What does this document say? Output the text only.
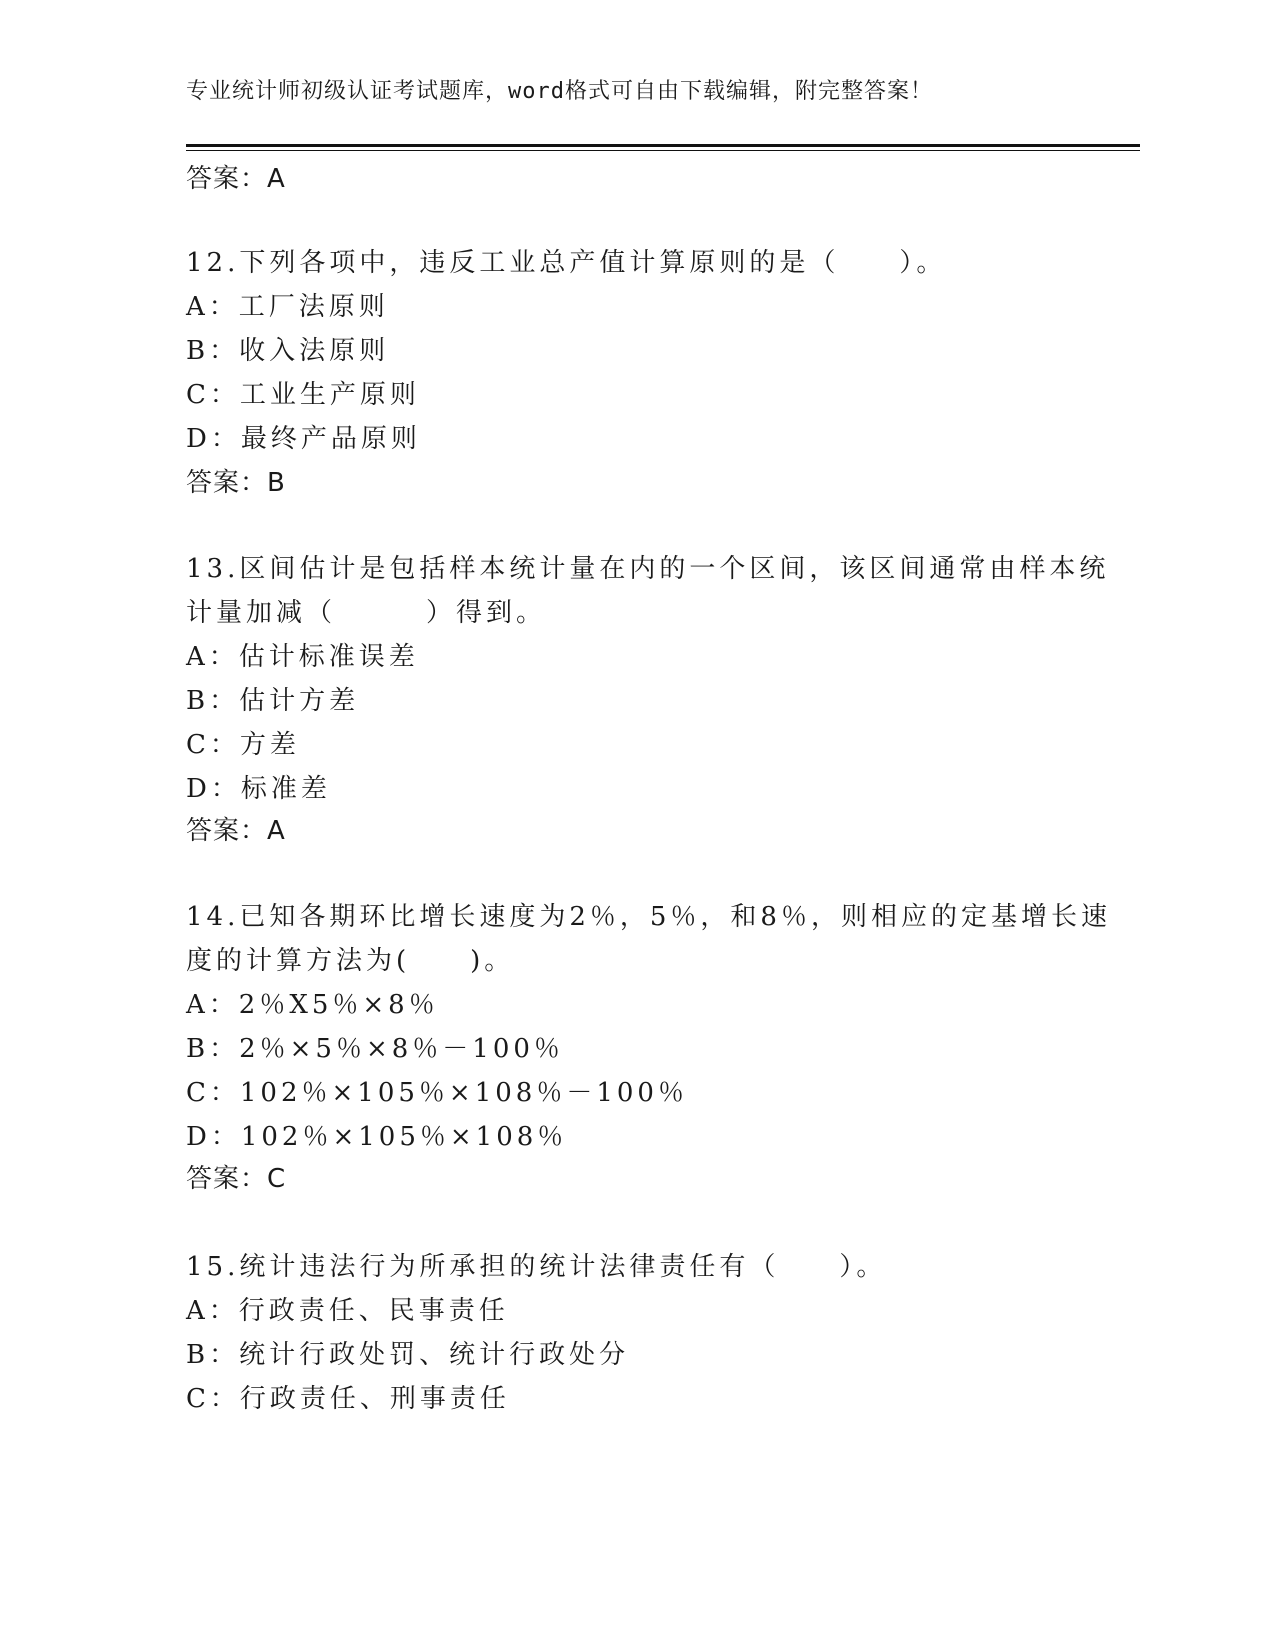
专业统计师初级认证考试题库，word格式可自由下载编辑，附完整答案！
答案：A
12.下列各项中，违反工业总产值计算原则的是（　　）。
A：工厂法原则
B：收入法原则
C：工业生产原则
D：最终产品原则
答案：B
13.区间估计是包括样本统计量在内的一个区间，该区间通常由样本统
计量加减（　　　）得到。
A：估计标准误差
B：估计方差
C：方差
D：标准差
答案：A
14.已知各期环比增长速度为2％，5％，和8％，则相应的定基增长速
度的计算方法为(　　)。
A：2％X5％×8％
B：2％×5％×8％－100％
C：102％×105％×108％－100％
D：102％×105％×108％
答案：C
15.统计违法行为所承担的统计法律责任有（　　）。
A：行政责任、民事责任
B：统计行政处罚、统计行政处分
C：行政责任、刑事责任
